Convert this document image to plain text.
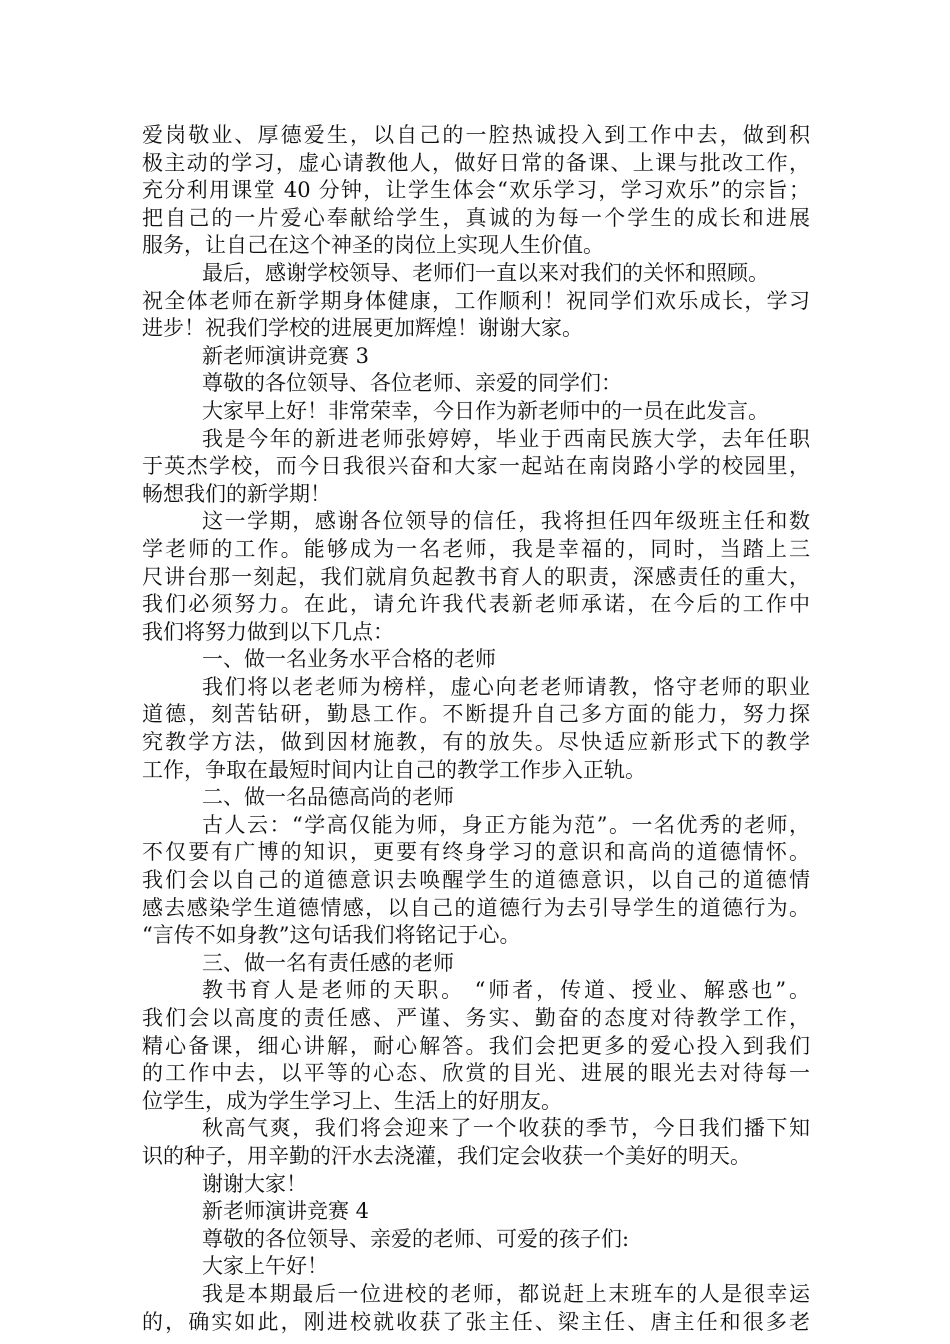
爱岗敬业、厚德爱生，以自己的一腔热诚投入到工作中去，做到积
极主动的学习，虚心请教他人，做好日常的备课、上课与批改工作，
充分利用课堂 40 分钟，让学生体会“欢乐学习，学习欢乐”的宗旨；
把自己的一片爱心奉献给学生，真诚的为每一个学生的成长和进展
服务，让自己在这个神圣的岗位上实现人生价值。
最后，感谢学校领导、老师们一直以来对我们的关怀和照顾。
祝全体老师在新学期身体健康，工作顺利！祝同学们欢乐成长，学习
进步！祝我们学校的进展更加辉煌！谢谢大家。
新老师演讲竞赛 3
尊敬的各位领导、各位老师、亲爱的同学们：
大家早上好！非常荣幸，今日作为新老师中的一员在此发言。
我是今年的新进老师张婷婷，毕业于西南民族大学，去年任职
于英杰学校，而今日我很兴奋和大家一起站在南岗路小学的校园里，
畅想我们的新学期！
这一学期，感谢各位领导的信任，我将担任四年级班主任和数
学老师的工作。能够成为一名老师，我是幸福的，同时，当踏上三
尺讲台那一刻起，我们就肩负起教书育人的职责，深感责任的重大，
我们必须努力。在此，请允许我代表新老师承诺，在今后的工作中
我们将努力做到以下几点：
一、做一名业务水平合格的老师
我们将以老老师为榜样，虚心向老老师请教，恪守老师的职业
道德，刻苦钻研，勤恳工作。不断提升自己多方面的能力，努力探
究教学方法，做到因材施教，有的放失。尽快适应新形式下的教学
工作，争取在最短时间内让自己的教学工作步入正轨。
二、做一名品德高尚的老师
古人云：“学高仅能为师，身正方能为范”。一名优秀的老师，
不仅要有广博的知识，更要有终身学习的意识和高尚的道德情怀。
我们会以自己的道德意识去唤醒学生的道德意识，以自己的道德情
感去感染学生道德情感，以自己的道德行为去引导学生的道德行为。
“言传不如身教”这句话我们将铭记于心。
三、做一名有责任感的老师
教书育人是老师的天职。 “师者，传道、授业、解惑也”。
我们会以高度的责任感、严谨、务实、勤奋的态度对待教学工作，
精心备课，细心讲解，耐心解答。我们会把更多的爱心投入到我们
的工作中去，以平等的心态、欣赏的目光、进展的眼光去对待每一
位学生，成为学生学习上、生活上的好朋友。
秋高气爽，我们将会迎来了一个收获的季节，今日我们播下知
识的种子，用辛勤的汗水去浇灌，我们定会收获一个美好的明天。
谢谢大家！
新老师演讲竞赛 4
尊敬的各位领导、亲爱的老师、可爱的孩子们:
大家上午好！
我是本期最后一位进校的老师，都说赶上末班车的人是很幸运
的，确实如此，刚进校就收获了张主任、梁主任、唐主任和很多老
